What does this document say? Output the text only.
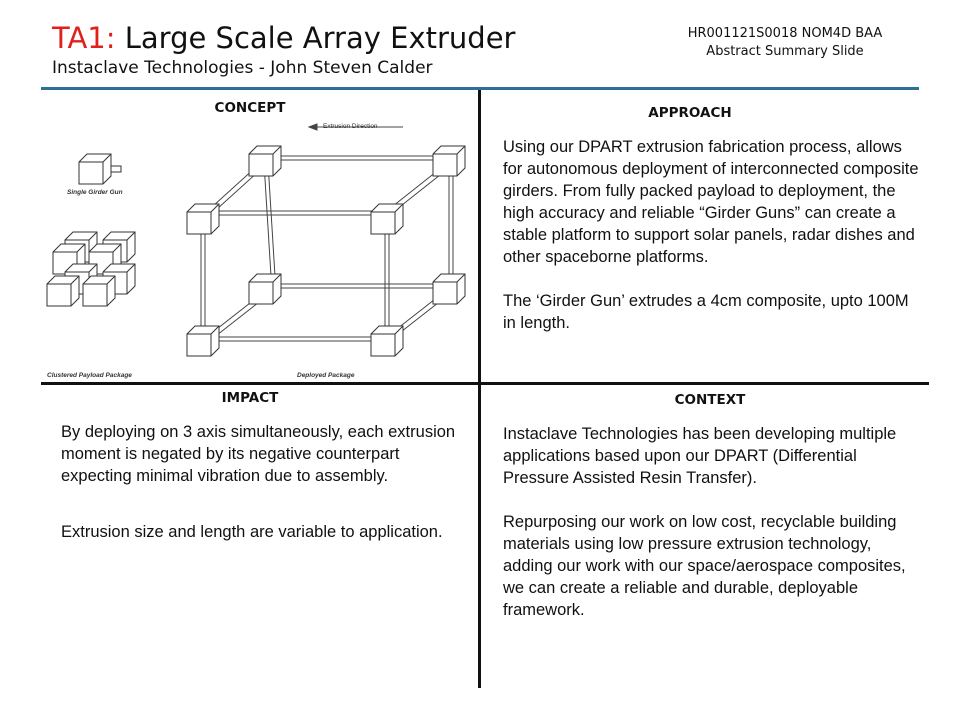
TA1: Large Scale Array Extruder
Instaclave Technologies - John Steven Calder
HR001121S0018 NOM4D BAA
Abstract Summary Slide
CONCEPT
Extrusion Direction
Single Girder Gun
Clustered Payload Package	Deployed Package
APPROACH

Using our DPART extrusion fabrication process, allows for autonomous deployment of interconnected composite girders. From fully packed payload to deployment, the high accuracy and reliable “Girder Guns” can create a stable platform to support solar panels, radar dishes and other spaceborne platforms.

The ‘Girder Gun’ extrudes a 4cm composite, upto 100M in length.

IMPACT

By deploying on 3 axis simultaneously, each extrusion moment is negated by its negative counterpart expecting minimal vibration due to assembly.

Extrusion size and length are variable to application.

CONTEXT

Instaclave Technologies has been developing multiple applications based upon our DPART (Differential Pressure Assisted Resin Transfer).

Repurposing our work on low cost, recyclable building materials using low pressure extrusion technology, adding our work with our space/aerospace composites, we can create a reliable and durable, deployable framework.
